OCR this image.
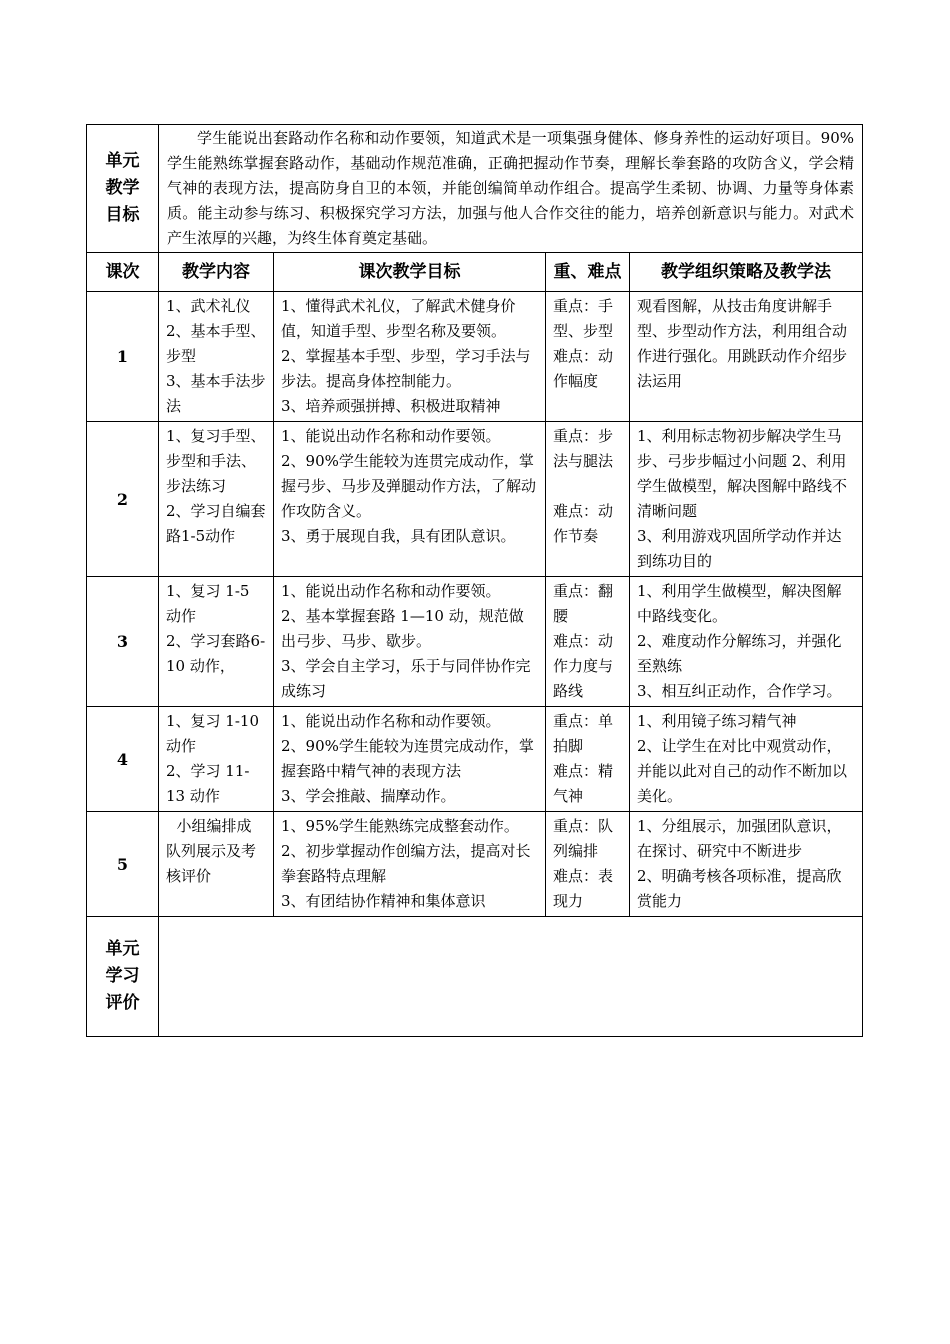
单元
教学
目标	学生能说出套路动作名称和动作要领，知道武术是一项集强身健体、修身养性的运动好项目。90%学生能熟练掌握套路动作，基础动作规范准确，正确把握动作节奏，理解长拳套路的攻防含义，学会精气神的表现方法，提高防身自卫的本领，并能创编简单动作组合。提高学生柔韧、协调、力量等身体素质。能主动参与练习、积极探究学习方法，加强与他人合作交往的能力，培养创新意识与能力。对武术产生浓厚的兴趣，为终生体育奠定基础。			
课次	教学内容	课次教学目标	重、难点	教学组织策略及教学法
1	1、武术礼仪
2、基本手型、步型
3、基本手法步法	1、懂得武术礼仪，了解武术健身价值，知道手型、步型名称及要领。
2、掌握基本手型、步型，学习手法与步法。提高身体控制能力。
3、培养顽强拼搏、积极进取精神	重点：手型、步型
难点：动作幅度	观看图解，从技击角度讲解手型、步型动作方法，利用组合动作进行强化。用跳跃动作介绍步法运用

2	1、复习手型、步型和手法、步法练习
2、学习自编套路1-5动作	1、能说出动作名称和动作要领。
2、90%学生能较为连贯完成动作，掌握弓步、马步及弹腿动作方法，了解动作攻防含义。
3、勇于展现自我，具有团队意识。	重点：步法与腿法
难点：动作节奏	1、利用标志物初步解决学生马步、弓步步幅过小问题 2、利用学生做模型，解决图解中路线不清晰问题
3、利用游戏巩固所学动作并达到练功目的

3	1、复习 1-5 动作
2、学习套路6-10 动作，	1、能说出动作名称和动作要领。
2、基本掌握套路 1—10 动，规范做出弓步、马步、歇步。
3、学会自主学习，乐于与同伴协作完成练习	重点：翻腰
难点：动作力度与路线	1、利用学生做模型，解决图解中路线变化。
2、难度动作分解练习，并强化至熟练
3、相互纠正动作，合作学习。

4	1、复习 1-10 动作
2、学习 11-13 动作	1、能说出动作名称和动作要领。
2、90%学生能较为连贯完成动作，掌握套路中精气神的表现方法
3、学会推敲、揣摩动作。	重点：单拍脚
难点：精气神	1、利用镜子练习精气神
2、让学生在对比中观赏动作，并能以此对自己的动作不断加以美化。

5	小组编排成队列展示及考核评价	1、95%学生能熟练完成整套动作。
2、初步掌握动作创编方法，提高对长拳套路特点理解
3、有团结协作精神和集体意识	重点：队列编排
难点：表现力	1、分组展示，加强团队意识，在探讨、研究中不断进步
2、明确考核各项标准，提高欣赏能力

单元
学习
评价				
